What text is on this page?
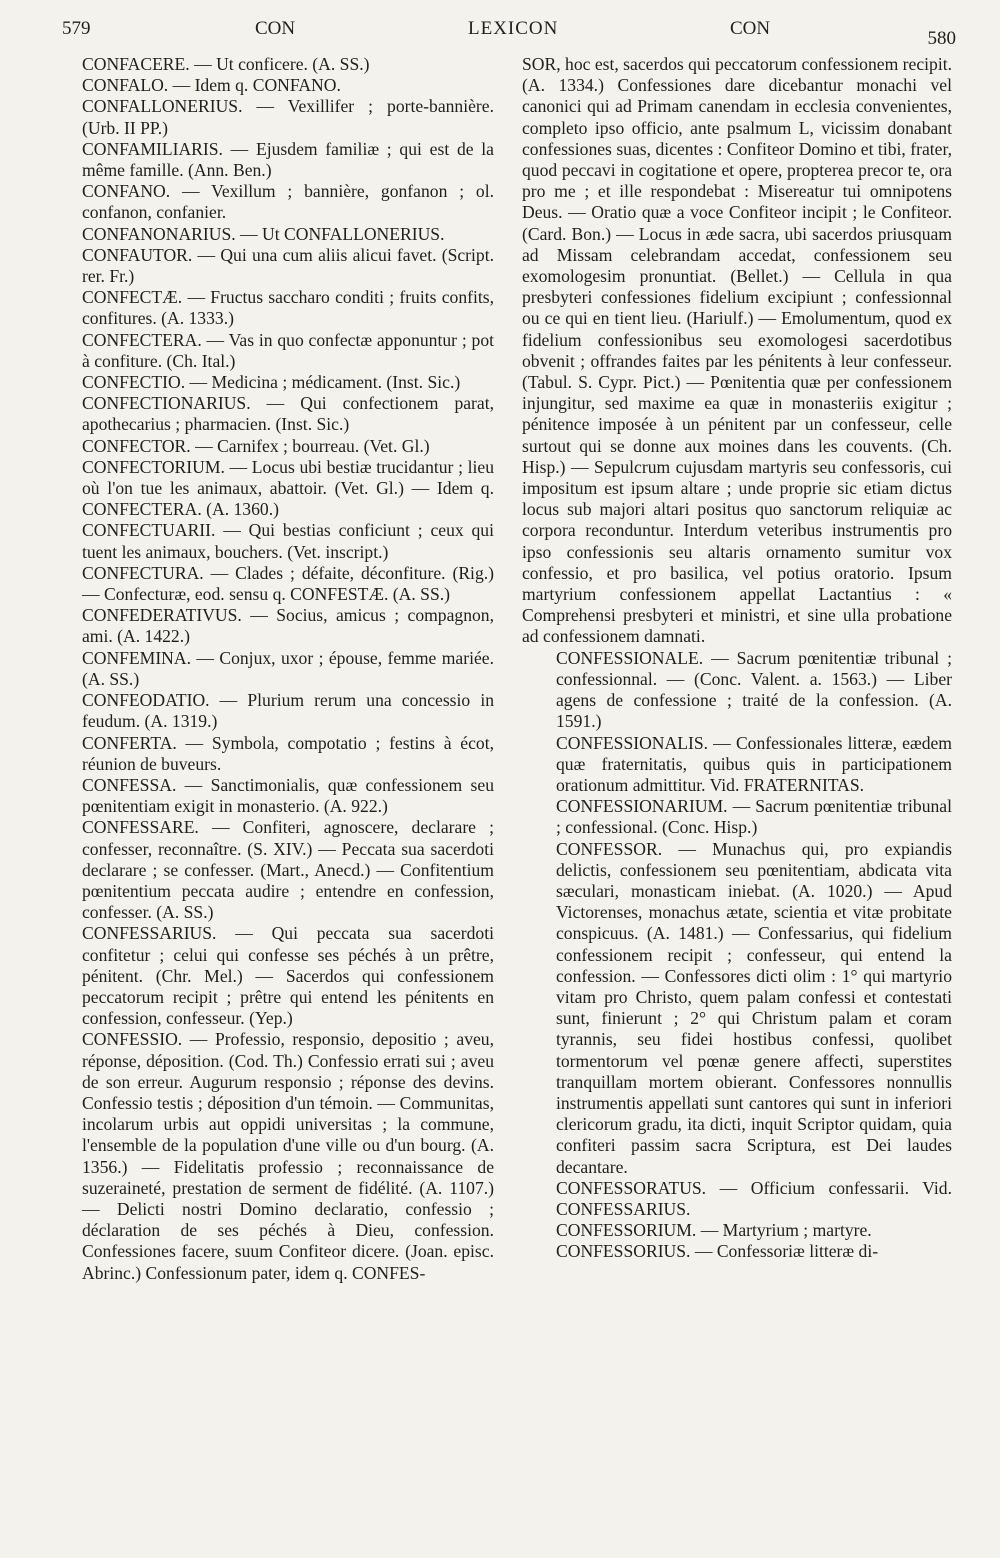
579	CON	LEXICON	CON	580

CONFACERE. — Ut conficere. (A. SS.)

CONFALO. — Idem q. CONFANO.

CONFALLONERIUS. — Vexillifer ; porte-bannière. (Urb. II PP.)

CONFAMILIARIS. — Ejusdem familiæ ; qui est de la même famille. (Ann. Ben.)

CONFANO. — Vexillum ; bannière, gonfanon ; ol. confanon, confanier.

CONFANONARIUS. — Ut CONFALLONERIUS.

CONFAUTOR. — Qui una cum aliis alicui favet. (Script. rer. Fr.)

CONFECTÆ. — Fructus saccharo conditi ; fruits confits, confitures. (A. 1333.)

CONFECTERA. — Vas in quo confectæ apponuntur ; pot à confiture. (Ch. Ital.)

CONFECTIO. — Medicina ; médicament. (Inst. Sic.)

CONFECTIONARIUS. — Qui confectionem parat, apothecarius ; pharmacien. (Inst. Sic.)

CONFECTOR. — Carnifex ; bourreau. (Vet. Gl.)

CONFECTORIUM. — Locus ubi bestiæ trucidantur ; lieu où l'on tue les animaux, abattoir. (Vet. Gl.) — Idem q. CONFECTERA. (A. 1360.)

CONFECTUARII. — Qui bestias conficiunt ; ceux qui tuent les animaux, bouchers. (Vet. inscript.)

CONFECTURA. — Clades ; défaite, déconfiture. (Rig.) — Confecturæ, eod. sensu q. CONFESTÆ. (A. SS.)

CONFEDERATIVUS. — Socius, amicus ; compagnon, ami. (A. 1422.)

CONFEMINA. — Conjux, uxor ; épouse, femme mariée. (A. SS.)

CONFEODATIO. — Plurium rerum una concessio in feudum. (A. 1319.)

CONFERTA. — Symbola, compotatio ; festins à écot, réunion de buveurs.

CONFESSA. — Sanctimonialis, quæ confessionem seu pœnitentiam exigit in monasterio. (A. 922.)

CONFESSARE. — Confiteri, agnoscere, declarare ; confesser, reconnaître. (S. XIV.) — Peccata sua sacerdoti declarare ; se confesser. (Mart., Anecd.) — Confitentium pœnitentium peccata audire ; entendre en confession, confesser. (A. SS.)

CONFESSARIUS. — Qui peccata sua sacerdoti confitetur ; celui qui confesse ses péchés à un prêtre, pénitent. (Chr. Mel.) — Sacerdos qui confessionem peccatorum recipit ; prêtre qui entend les pénitents en confession, confesseur. (Yep.)

CONFESSIO. — Professio, responsio, depositio ; aveu, réponse, déposition. (Cod. Th.) Confessio errati sui ; aveu de son erreur. Augurum responsio ; réponse des devins. Confessio testis ; déposition d'un témoin. — Communitas, incolarum urbis aut oppidi universitas ; la commune, l'ensemble de la population d'une ville ou d'un bourg. (A. 1356.) — Fidelitatis professio ; reconnaissance de suzeraineté, prestation de serment de fidélité. (A. 1107.) — Delicti nostri Domino declaratio, confessio ; déclaration de ses péchés à Dieu, confession. Confessiones facere, suum Confiteor dicere. (Joan. episc. Abrinc.) Confessionum pater, idem q. CONFES-

SOR, hoc est, sacerdos qui peccatorum confessionem recipit. (A. 1334.) Confessiones dare dicebantur monachi vel canonici qui ad Primam canendam in ecclesia convenientes, completo ipso officio, ante psalmum L, vicissim donabant confessiones suas, dicentes : Confiteor Domino et tibi, frater, quod peccavi in cogitatione et opere, propterea precor te, ora pro me ; et ille respondebat : Misereatur tui omnipotens Deus. — Oratio quæ a voce Confiteor incipit ; le Confiteor. (Card. Bon.) — Locus in æde sacra, ubi sacerdos priusquam ad Missam celebrandam accedat, confessionem seu exomologesim pronuntiat. (Bellet.) — Cellula in qua presbyteri confessiones fidelium excipiunt ; confessionnal ou ce qui en tient lieu. (Hariulf.) — Emolumentum, quod ex fidelium confessionibus seu exomologesi sacerdotibus obvenit ; offrandes faites par les pénitents à leur confesseur. (Tabul. S. Cypr. Pict.) — Pœnitentia quæ per confessionem injungitur, sed maxime ea quæ in monasteriis exigitur ; pénitence imposée à un pénitent par un confesseur, celle surtout qui se donne aux moines dans les couvents. (Ch. Hisp.) — Sepulcrum cujusdam martyris seu confessoris, cui impositum est ipsum altare ; unde proprie sic etiam dictus locus sub majori altari positus quo sanctorum reliquiæ ac corpora reconduntur. Interdum veteribus instrumentis pro ipso confessionis seu altaris ornamento sumitur vox confessio, et pro basilica, vel potius oratorio. Ipsum martyrium confessionem appellat Lactantius : « Comprehensi presbyteri et ministri, et sine ulla probatione ad confessionem damnati.

CONFESSIONALE. — Sacrum pœnitentiæ tribunal ; confessionnal. — (Conc. Valent. a. 1563.) — Liber agens de confessione ; traité de la confession. (A. 1591.)

CONFESSIONALIS. — Confessionales litteræ, eædem quæ fraternitatis, quibus quis in participationem orationum admittitur. Vid. FRATERNITAS.

CONFESSIONARIUM. — Sacrum pœnitentiæ tribunal ; confessional. (Conc. Hisp.)

CONFESSOR. — Munachus qui, pro expiandis delictis, confessionem seu pœnitentiam, abdicata vita sæculari, monasticam iniebat. (A. 1020.) — Apud Victorenses, monachus ætate, scientia et vitæ probitate conspicuus. (A. 1481.) — Confessarius, qui fidelium confessionem recipit ; confesseur, qui entend la confession. — Confessores dicti olim : 1° qui martyrio vitam pro Christo, quem palam confessi et contestati sunt, finierunt ; 2° qui Christum palam et coram tyrannis, seu fidei hostibus confessi, quolibet tormentorum vel pœnæ genere affecti, superstites tranquillam mortem obierant. Confessores nonnullis instrumentis appellati sunt cantores qui sunt in inferiori clericorum gradu, ita dicti, inquit Scriptor quidam, quia confiteri passim sacra Scriptura, est Dei laudes decantare.

CONFESSORATUS. — Officium confessarii. Vid. CONFESSARIUS.

CONFESSORIUM. — Martyrium ; martyre.

CONFESSORIUS. — Confessoriæ litteræ di-
